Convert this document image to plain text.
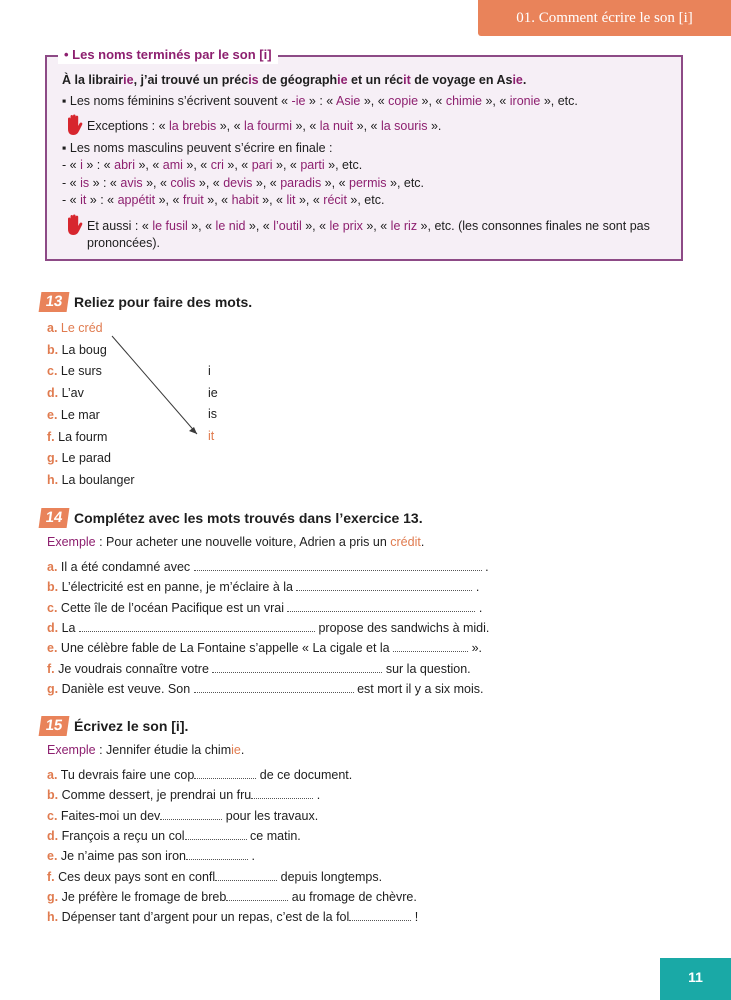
01. Comment écrire le son [i]
• Les noms terminés par le son [i]
À la librairie, j’ai trouvé un précis de géographie et un récit de voyage en Asie.
▪ Les noms féminins s’écrivent souvent « -ie » : « Asie », « copie », « chimie », « ironie », etc.
Exceptions : « la brebis », « la fourmi », « la nuit », « la souris ».
▪ Les noms masculins peuvent s’écrire en finale :
- « i » : « abri », « ami », « cri », « pari », « parti », etc.
- « is » : « avis », « colis », « devis », « paradis », « permis », etc.
- « it » : « appétit », « fruit », « habit », « lit », « récit », etc.
Et aussi : « le fusil », « le nid », « l’outil », « le prix », « le riz », etc. (les consonnes finales ne sont pas
prononcées).
13 Reliez pour faire des mots.
a. Le créd
b. La boug
c. Le surs
d. L’av
e. Le mar
f. La fourm
g. Le parad
h. La boulanger
i
ie
is
it
14 Complétez avec les mots trouvés dans l’exercice 13.
Exemple : Pour acheter une nouvelle voiture, Adrien a pris un crédit.
a. Il a été condamné avec	.
b. L’électricité est en panne, je m’éclaire à la	.
c. Cette île de l’océan Pacifique est un vrai	.
d. La	propose des sandwichs à midi.
e. Une célèbre fable de La Fontaine s’appelle « La cigale et la	».
f. Je voudrais connaître votre	sur la question.
g. Danièle est veuve. Son	est mort il y a six mois.
15 Écrivez le son [i].
Exemple : Jennifer étudie la chimie.
a. Tu devrais faire une cop	de ce document.
b. Comme dessert, je prendrai un fru	.
c. Faites-moi un dev	pour les travaux.
d. François a reçu un col	ce matin.
e. Je n’aime pas son iron	.
f. Ces deux pays sont en confl	depuis longtemps.
g. Je préfère le fromage de breb	au fromage de chèvre.
h. Dépenser tant d’argent pour un repas, c’est de la fol	!
11
